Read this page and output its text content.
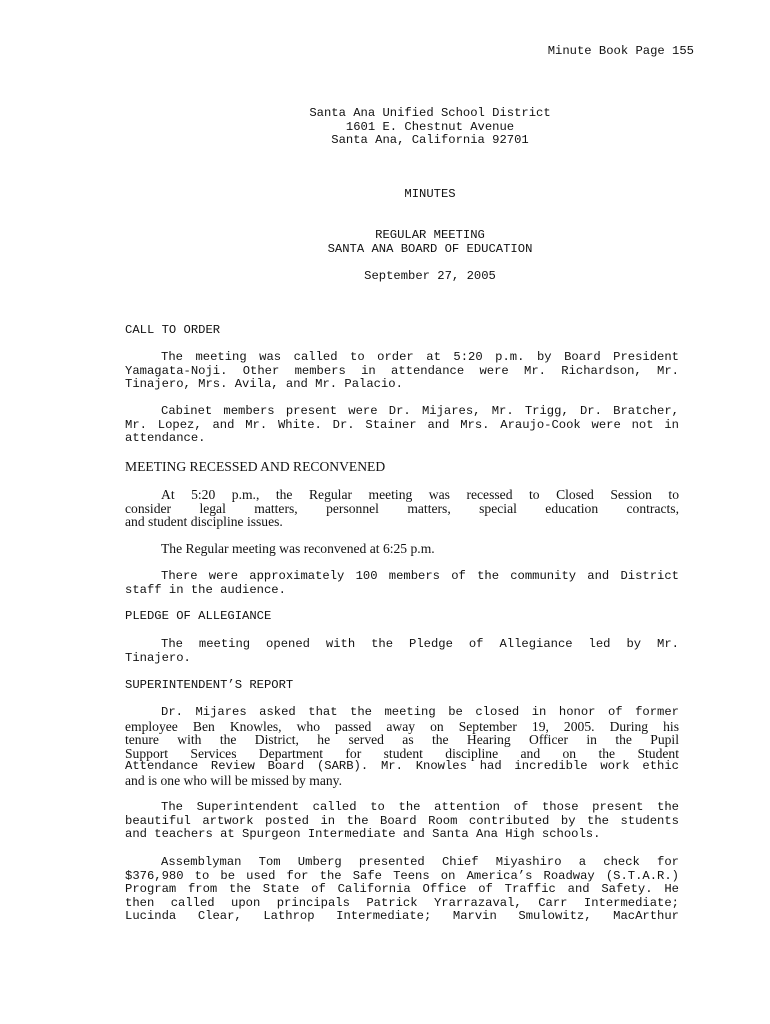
Minute Book Page 155
Santa Ana Unified School District
1601 E. Chestnut Avenue
Santa Ana, California 92701
MINUTES
REGULAR MEETING
SANTA ANA BOARD OF EDUCATION
September 27, 2005
CALL TO ORDER
The meeting was called to order at 5:20 p.m. by Board President
Yamagata-Noji. Other members in attendance were Mr. Richardson, Mr.
Tinajero, Mrs. Avila, and Mr. Palacio.
Cabinet members present were Dr. Mijares, Mr. Trigg, Dr. Bratcher,
Mr. Lopez, and Mr. White. Dr. Stainer and Mrs. Araujo-Cook were not in
attendance.
MEETING RECESSED AND RECONVENED
At 5:20 p.m., the Regular meeting was recessed to Closed Session to
consider legal matters, personnel matters, special education contracts,
and student discipline issues.
The Regular meeting was reconvened at 6:25 p.m.
There were approximately 100 members of the community and District
staff in the audience.
PLEDGE OF ALLEGIANCE
The meeting opened with the Pledge of Allegiance led by Mr.
Tinajero.
SUPERINTENDENT’S REPORT
Dr. Mijares asked that the meeting be closed in honor of former
employee Ben Knowles, who passed away on September 19, 2005. During his
tenure with the District, he served as the Hearing Officer in the Pupil
Support Services Department for student discipline and on the Student
Attendance Review Board (SARB). Mr. Knowles had incredible work ethic
and is one who will be missed by many.
The Superintendent called to the attention of those present the
beautiful artwork posted in the Board Room contributed by the students
and teachers at Spurgeon Intermediate and Santa Ana High schools.
Assemblyman Tom Umberg presented Chief Miyashiro a check for
$376,980 to be used for the Safe Teens on America’s Roadway (S.T.A.R.)
Program from the State of California Office of Traffic and Safety. He
then called upon principals Patrick Yrarrazaval, Carr Intermediate;
Lucinda Clear, Lathrop Intermediate; Marvin Smulowitz, MacArthur
